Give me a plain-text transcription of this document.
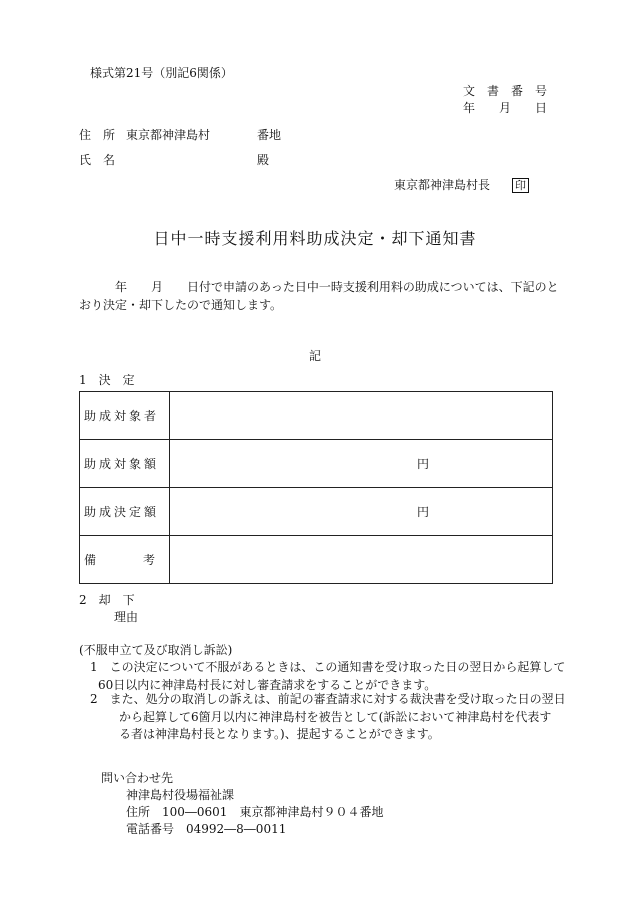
様式第21号（別記6関係）
文　書　番　号
年　　月　　日
住　所 東京都神津島村	番地
氏　名	殿
東京都神津島村長 印
日中一時支援利用料助成決定・却下通知書
年　　月　　日付で申請のあった日中一時支援利用料の助成については、下記のと
おり決定・却下したので通知します。
記
1　決　定
助成対象者	
助成対象額	円
助成決定額	円

備 考	

2　却　下
理由
(不服申立て及び取消し訴訟)
1　この決定について不服があるときは、この通知書を受け取った日の翌日から起算して
60日以内に神津島村長に対し審査請求をすることができます。
2　また、処分の取消しの訴えは、前記の審査請求に対する裁決書を受け取った日の翌日
から起算して6箇月以内に神津島村を被告として(訴訟において神津島村を代表す
る者は神津島村長となります。)、提起することができます。
問い合わせ先
神津島村役場福祉課
住所　100―0601　東京都神津島村９０４番地
電話番号　04992―8―0011
